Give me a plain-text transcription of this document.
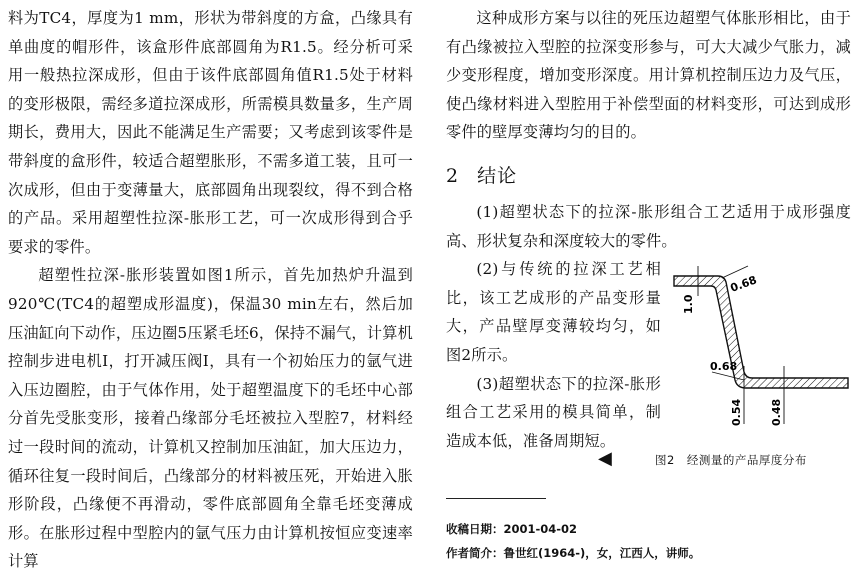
料为TC4，厚度为1 mm，形状为带斜度的方盒，凸缘具有单曲度的帽形件，该盒形件底部圆角为R1.5。经分析可采用一般热拉深成形，但由于该件底部圆角值R1.5处于材料的变形极限，需经多道拉深成形，所需模具数量多，生产周期长，费用大，因此不能满足生产需要；又考虑到该零件是带斜度的盒形件，较适合超塑胀形，不需多道工装，且可一次成形，但由于变薄量大，底部圆角出现裂纹，得不到合格的产品。采用超塑性拉深-胀形工艺，可一次成形得到合乎要求的零件。

超塑性拉深-胀形装置如图1所示，首先加热炉升温到920℃(TC4的超塑成形温度)，保温30 min左右，然后加压油缸向下动作，压边圈5压紧毛坯6，保持不漏气，计算机控制步进电机Ⅰ，打开减压阀Ⅰ，具有一个初始压力的氩气进入压边圈腔，由于气体作用，处于超塑温度下的毛坯中心部分首先受胀变形，接着凸缘部分毛坯被拉入型腔7，材料经过一段时间的流动，计算机又控制加压油缸，加大压边力，循环往复一段时间后，凸缘部分的材料被压死，开始进入胀形阶段，凸缘便不再滑动，零件底部圆角全靠毛坯变薄成形。在胀形过程中型腔内的氩气压力由计算机按恒应变速率计算

这种成形方案与以往的死压边超塑气体胀形相比，由于有凸缘被拉入型腔的拉深变形参与，可大大减少气胀力，减少变形程度，增加变形深度。用计算机控制压边力及气压，使凸缘材料进入型腔用于补偿型面的材料变形，可达到成形零件的壁厚变薄均匀的目的。

2 结论

(1)超塑状态下的拉深-胀形组合工艺适用于成形强度高、形状复杂和深度较大的零件。

(2)与传统的拉深工艺相比，该工艺成形的产品变形量大，产品壁厚变薄较均匀，如图2所示。

(3)超塑状态下的拉深-胀形组合工艺采用的模具简单，制造成本低，准备周期短。

1.0
0.68
0.68
0.54 0.48
◀	图2　经测量的产品厚度分布
收稿日期：2001-04-02
作者简介：鲁世红(1964-)，女，江西人，讲师。
